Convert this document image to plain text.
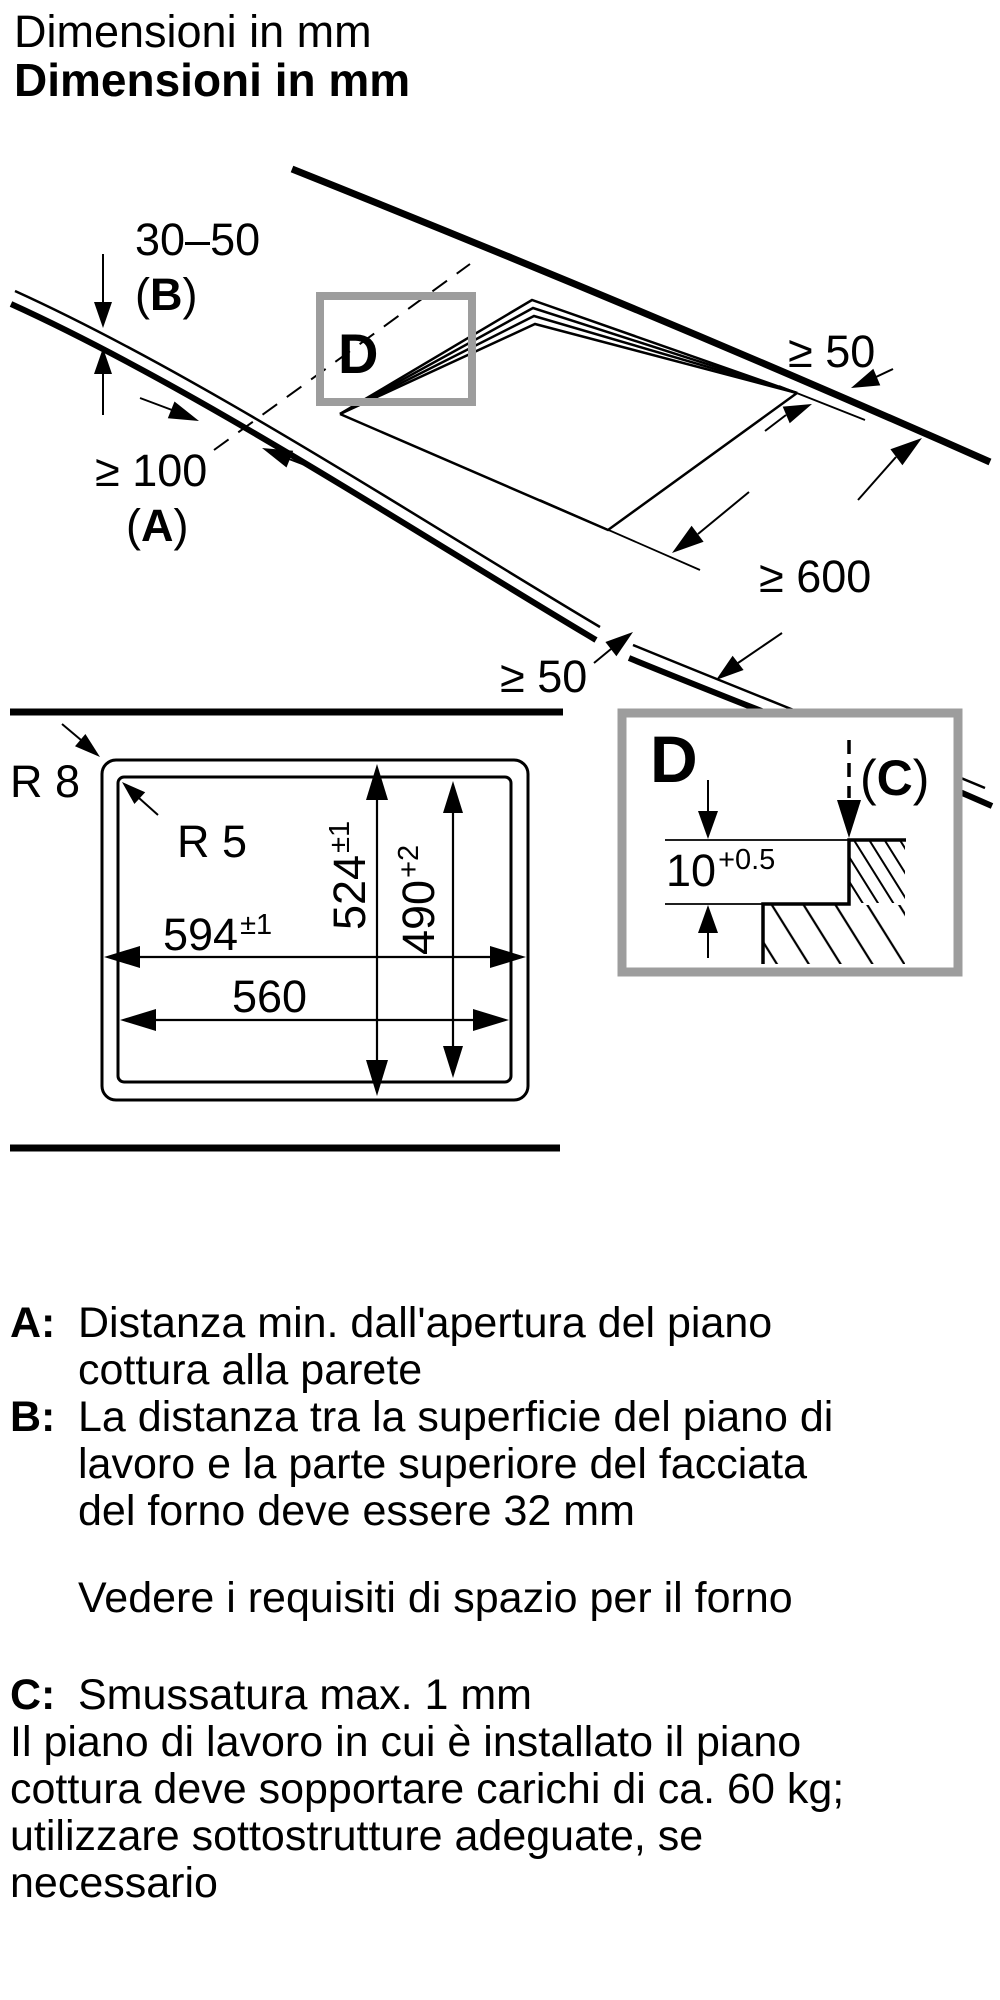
Dimensioni in mm
Dimensioni in mm
D
30–50
(B)
≥ 100
(A)
≥ 50
≥ 600
≥ 50
R 8
R 5
$524^{\pm 1}$
$490^{+2}$
$594^{\pm 1}$
560
D	(C)
$10^{+0.5}$
A: Distanza min. dall'apertura del piano
cottura alla parete
B: La distanza tra la superficie del piano di
lavoro e la parte superiore del facciata
del forno deve essere 32 mm
Vedere i requisiti di spazio per il forno
C: Smussatura max. 1 mm
Il piano di lavoro in cui è installato il piano
cottura deve sopportare carichi di ca. 60 kg;
utilizzare sottostrutture adeguate, se
necessario
